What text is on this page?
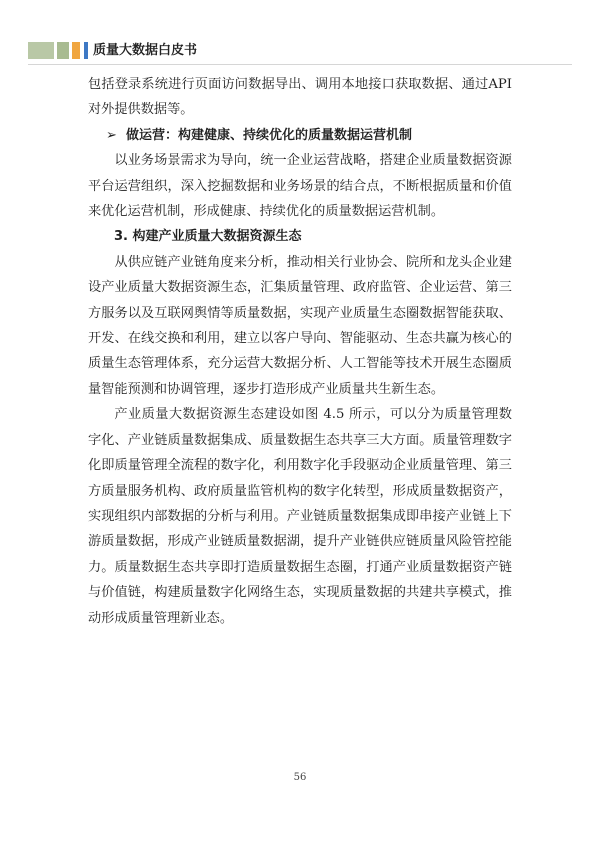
质量大数据白皮书

包括登录系统进行页面访问数据导出、调用本地接口获取数据、通过API 对外提供数据等。

➢ 做运营：构建健康、持续优化的质量数据运营机制

以业务场景需求为导向，统一企业运营战略，搭建企业质量数据资源平台运营组织，深入挖掘数据和业务场景的结合点，不断根据质量和价值来优化运营机制，形成健康、持续优化的质量数据运营机制。

3. 构建产业质量大数据资源生态

从供应链产业链角度来分析，推动相关行业协会、院所和龙头企业建设产业质量大数据资源生态，汇集质量管理、政府监管、企业运营、第三方服务以及互联网舆情等质量数据，实现产业质量生态圈数据智能获取、开发、在线交换和利用，建立以客户导向、智能驱动、生态共赢为核心的质量生态管理体系，充分运营大数据分析、人工智能等技术开展生态圈质量智能预测和协调管理，逐步打造形成产业质量共生新生态。

产业质量大数据资源生态建设如图 4.5 所示，可以分为质量管理数字化、产业链质量数据集成、质量数据生态共享三大方面。质量管理数字化即质量管理全流程的数字化，利用数字化手段驱动企业质量管理、第三方质量服务机构、政府质量监管机构的数字化转型，形成质量数据资产，实现组织内部数据的分析与利用。产业链质量数据集成即串接产业链上下游质量数据，形成产业链质量数据湖，提升产业链供应链质量风险管控能力。质量数据生态共享即打造质量数据生态圈，打通产业质量数据资产链与价值链，构建质量数字化网络生态，实现质量数据的共建共享模式，推动形成质量管理新业态。

56
